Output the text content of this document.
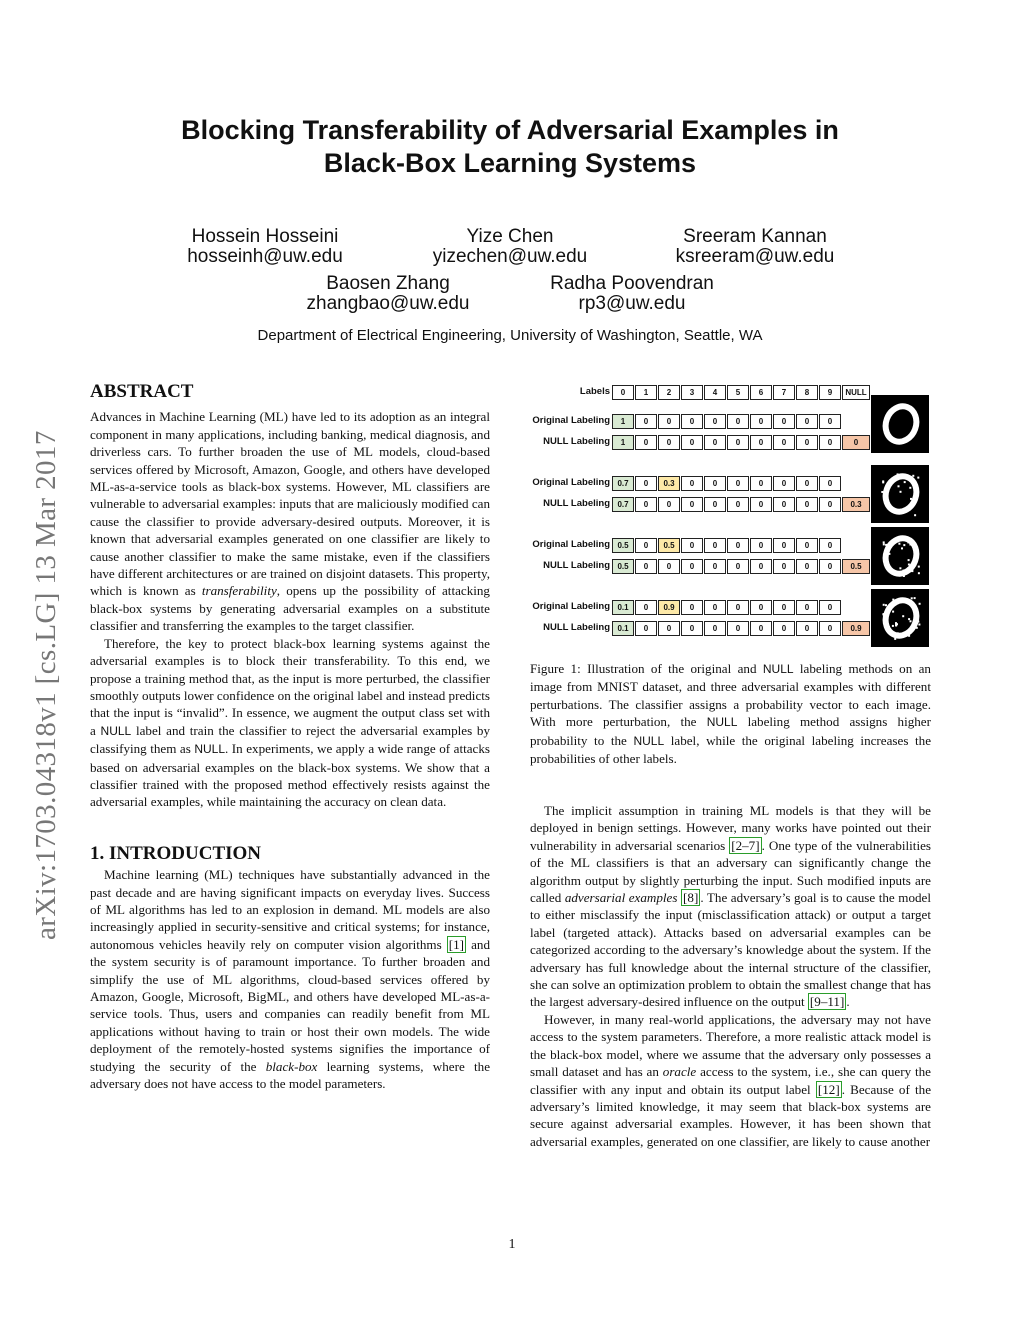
arXiv:1703.04318v1 [cs.LG] 13 Mar 2017
Blocking Transferability of Adversarial Examples in
Black-Box Learning Systems
Hossein Hosseini
hosseinh@uw.edu
Yize Chen
yizechen@uw.edu
Sreeram Kannan
ksreeram@uw.edu
Baosen Zhang
zhangbao@uw.edu
Radha Poovendran
rp3@uw.edu
Department of Electrical Engineering, University of Washington, Seattle, WA
ABSTRACT

Advances in Machine Learning (ML) have led to its adoption as an integral component in many applications, including banking, medical diagnosis, and driverless cars. To further broaden the use of ML models, cloud-based services offered by Microsoft, Amazon, Google, and others have developed ML-as-a-service tools as black-box systems. However, ML classifiers are vulnerable to adversarial examples: inputs that are maliciously modified can cause the classifier to provide adversary-desired outputs. Moreover, it is known that adversarial examples generated on one classifier are likely to cause another classifier to make the same mistake, even if the classifiers have different architectures or are trained on disjoint datasets. This property, which is known as transferability, opens up the possibility of attacking black-box systems by generating adversarial examples on a substitute classifier and transferring the examples to the target classifier.

Therefore, the key to protect black-box learning systems against the adversarial examples is to block their transferability. To this end, we propose a training method that, as the input is more perturbed, the classifier smoothly outputs lower confidence on the original label and instead predicts that the input is “invalid”. In essence, we augment the output class set with a NULL label and train the classifier to reject the adversarial examples by classifying them as NULL. In experiments, we apply a wide range of attacks based on adversarial examples on the black-box systems. We show that a classifier trained with the proposed method effectively resists against the adversarial examples, while maintaining the accuracy on clean data.

1. INTRODUCTION

Machine learning (ML) techniques have substantially advanced in the past decade and are having significant impacts on everyday lives. Success of ML algorithms has led to an explosion in demand. ML models are also increasingly applied in security-sensitive and critical systems; for instance, autonomous vehicles heavily rely on computer vision algorithms [1] and the system security is of paramount importance. To further broaden and simplify the use of ML algorithms, cloud-based services offered by Amazon, Google, Microsoft, BigML, and others have developed ML-as-a-service tools. Thus, users and companies can readily benefit from ML applications without having to train or host their own models. The wide deployment of the remotely-hosted systems signifies the importance of studying the security of the black-box learning systems, where the adversary does not have access to the model parameters.

Labels	0	1	2	3	4	5	6	7	8	9	NULL
Original Labeling	1	0	0	0	0	0	0	0	0	0
NULL Labeling	1	0	0	0	0	0	0	0	0	0	0
Original Labeling 0.7	0	0.3	0	0	0	0	0	0	0
NULL Labeling 0.7	0	0	0	0	0	0	0	0	0	0.3
Original Labeling 0.5	0	0.5	0	0	0	0	0	0	0
NULL Labeling 0.5	0	0	0	0	0	0	0	0	0	0.5
Original Labeling 0.1	0	0.9	0	0	0	0	0	0	0
NULL Labeling 0.1	0	0	0	0	0	0	0	0	0	0.9
Figure 1: Illustration of the original and NULL labeling methods on an image from MNIST dataset, and three adversarial examples with different perturbations. The classifier assigns a probability vector to each image. With more perturbation, the NULL labeling method assigns higher probability to the NULL label, while the original labeling increases the probabilities of other labels.

The implicit assumption in training ML models is that they will be deployed in benign settings. However, many works have pointed out their vulnerability in adversarial scenarios [2–7] . One type of the vulnerabilities of the ML classifiers is that an adversary can significantly change the algorithm output by slightly perturbing the input. Such modified inputs are called adversarial examples [8] . The adversary’s goal is to cause the model to either misclassify the input (misclassification attack) or output a target label (targeted attack). Attacks based on adversarial examples can be categorized according to the adversary’s knowledge about the system. If the adversary has full knowledge about the internal structure of the classifier, she can solve an optimization problem to obtain the smallest change that has the largest adversary-desired influence on the output [9–11] .

However, in many real-world applications, the adversary may not have access to the system parameters. Therefore, a more realistic attack model is the black-box model, where we assume that the adversary only possesses a small dataset and has an oracle access to the system, i.e., she can query the classifier with any input and obtain its output label [12] . Because of the adversary’s limited knowledge, it may seem that black-box systems are secure against adversarial examples. However, it has been shown that adversarial examples, generated on one classifier, are likely to cause another

1
